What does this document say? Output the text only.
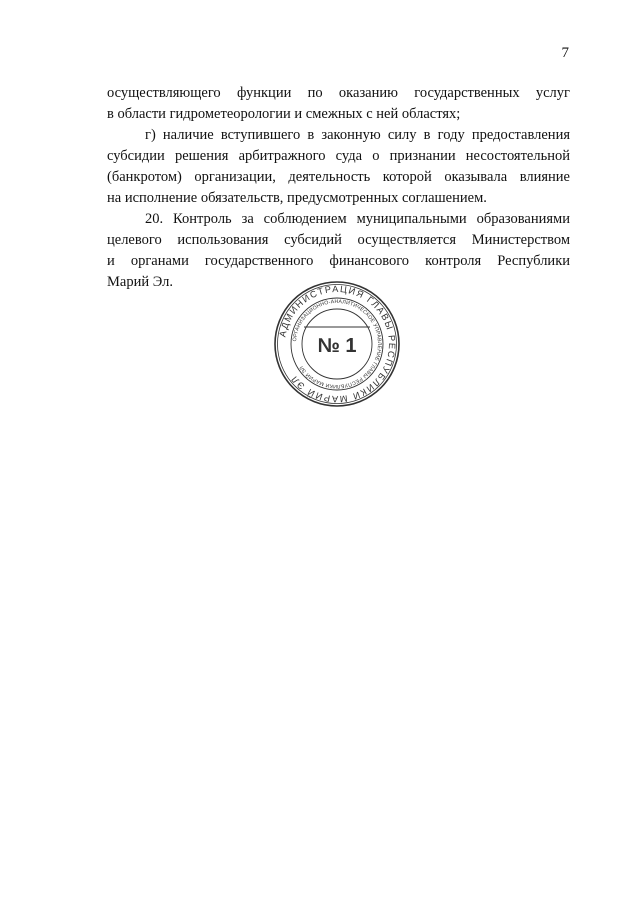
7

осуществляющего функции по оказанию государственных услуг

в области гидрометеорологии и смежных с ней областях;

г) наличие вступившего в законную силу в году предоставления

субсидии решения арбитражного суда о признании несостоятельной

(банкротом) организации, деятельность которой оказывала влияние

на исполнение обязательств, предусмотренных соглашением.

20. Контроль за соблюдением муниципальными образованиями

целевого использования субсидий осуществляется Министерством

и органами государственного финансового контроля Республики

Марий Эл.

АДМИНИСТРАЦИЯ ГЛАВЫ РЕСПУБЛИКИ МАРИЙ ЭЛ
ОРГАНИЗАЦИОННО-АНАЛИТИЧЕСКОЕ УПРАВЛЕНИЕ ГЛАВЫ РЕСПУБЛИКИ МАРИЙ ЭЛ
№ 1
